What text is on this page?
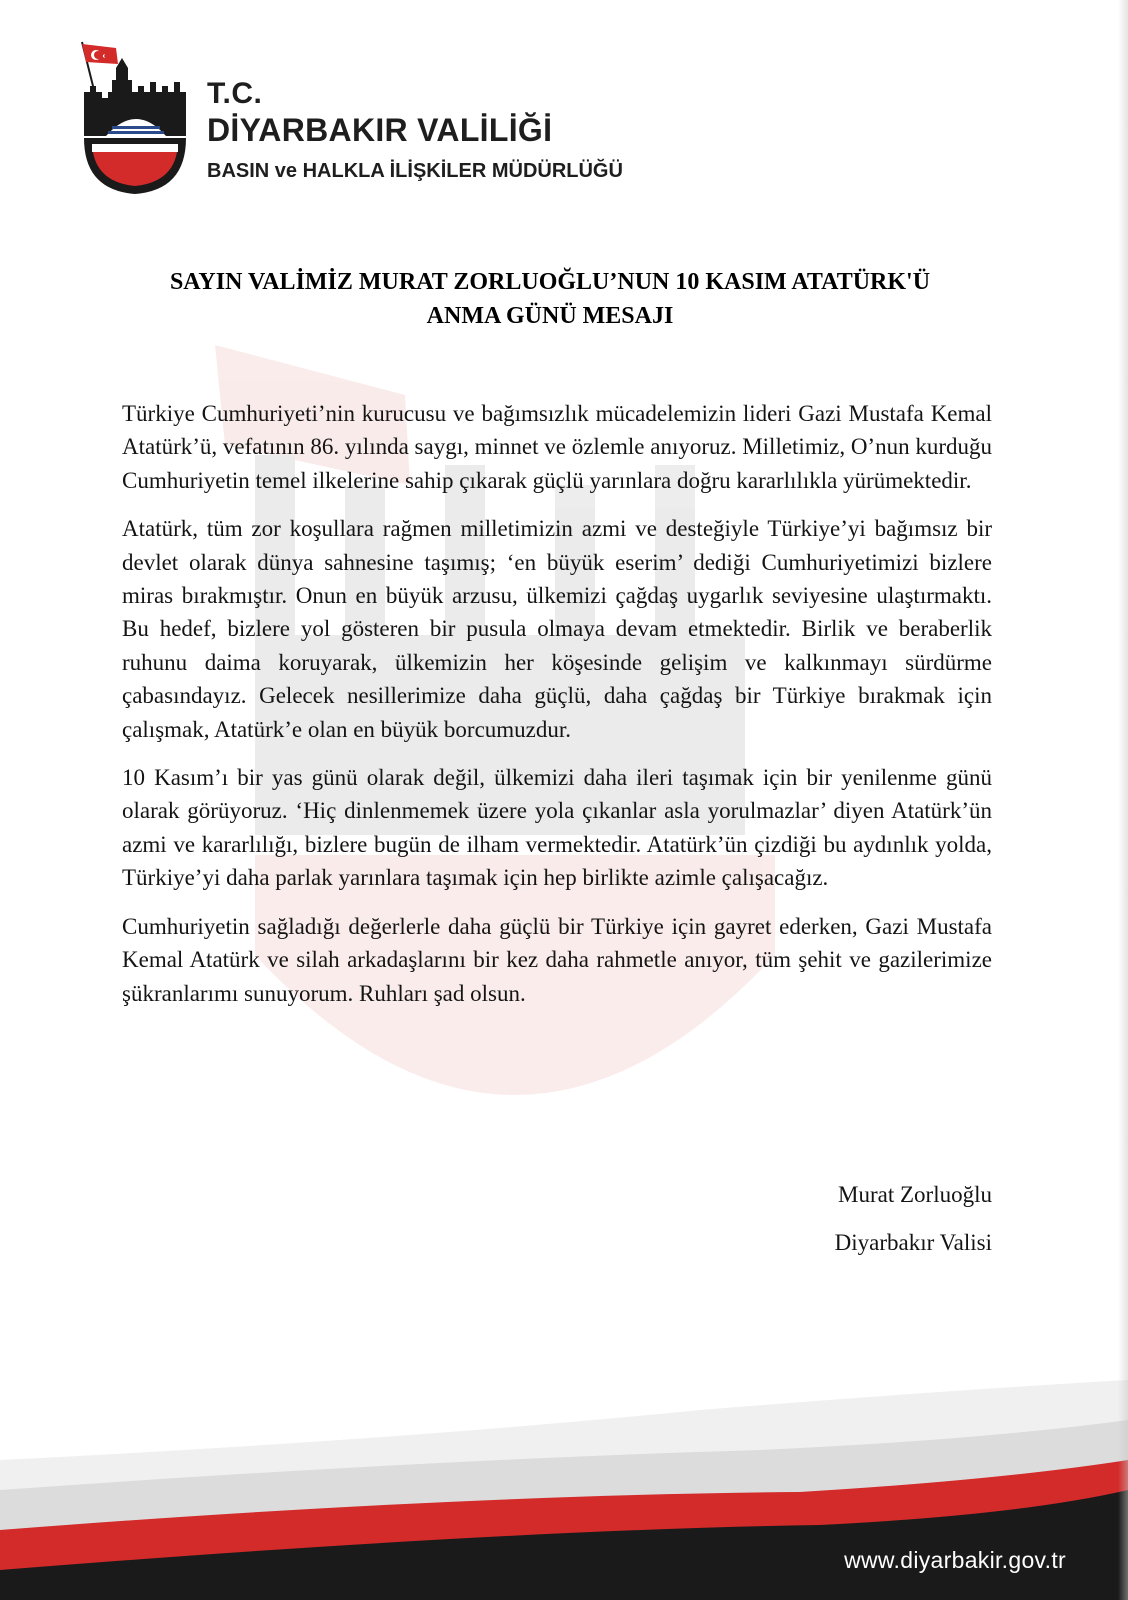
T.C.
DİYARBAKIR VALİLİĞİ
BASIN ve HALKLA İLİŞKİLER MÜDÜRLÜĞÜ
SAYIN VALİMİZ MURAT ZORLUOĞLU’NUN 10 KASIM ATATÜRK'Ü
ANMA GÜNÜ MESAJI

Türkiye Cumhuriyeti’nin kurucusu ve bağımsızlık mücadelemizin liderі Gazi Mustafa Kemal Atatürk’ü, vefatının 86. yılında saygı, minnet ve özlemle anıyoruz. Milletimiz, O’nun kurduğu Cumhuriyetin temel ilkelerine sahip çıkarak güçlü yarınlara doğru kararlılıkla yürümektedir.

Atatürk, tüm zor koşullara rağmen milletimizin azmi ve desteğiyle Türkiye’yi bağımsız bir devlet olarak dünya sahnesine taşımış; ‘en büyük eserim’ dediği Cumhuriyetimizi bizlere miras bırakmıştır. Onun en büyük arzusu, ülkemizi çağdaş uygarlık seviyesine ulaştırmaktı. Bu hedef, bizlere yol gösteren bir pusula olmaya devam etmektedir. Birlik ve beraberlik ruhunu daima koruyarak, ülkemizin her köşesinde gelişim ve kalkınmayı sürdürme çabasındayız. Gelecek nesillerimize daha güçlü, daha çağdaş bir Türkiye bırakmak için çalışmak, Atatürk’e olan en büyük borcumuzdur.

10 Kasım’ı bir yas günü olarak değil, ülkemizi daha ileri taşımak için bir yenilenme günü olarak görüyoruz. ‘Hiç dinlenmemek üzere yola çıkanlar asla yorulmazlar’ diyen Atatürk’ün azmi ve kararlılığı, bizlere bugün de ilham vermektedir. Atatürk’ün çizdiği bu aydınlık yolda, Türkiye’yi daha parlak yarınlara taşımak için hep birlikte azimle çalışacağız.

Cumhuriyetin sağladığı değerlerle daha güçlü bir Türkiye için gayret ederken, Gazi Mustafa Kemal Atatürk ve silah arkadaşlarını bir kez daha rahmetle anıyor, tüm şehit ve gazilerimize şükranlarımı sunuyorum. Ruhları şad olsun.

Murat Zorluoğlu
Diyarbakır Valisi
www.diyarbakir.gov.tr
